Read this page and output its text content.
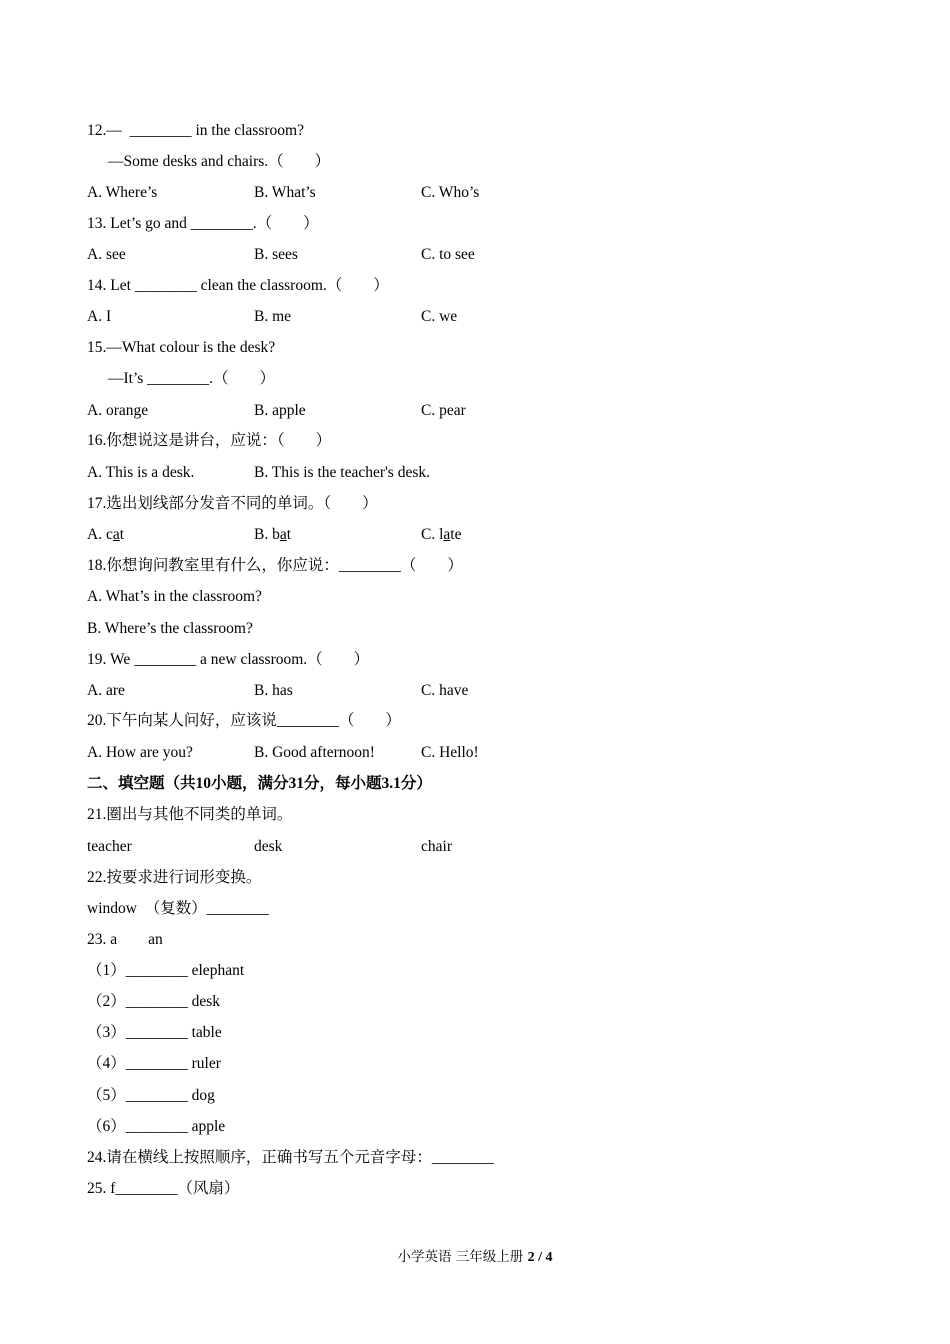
12.—  ________ in the classroom?
—Some desks and chairs.（　　）
A. Where’s	B. What’s	C. Who’s
13. Let’s go and ________.（　　）
A. see	B. sees	C. to see
14. Let ________ clean the classroom.（　　）
A. I	B. me	C. we
15.—What colour is the desk?
—It’s ________.（　　）
A. orange	B. apple	C. pear
16.你想说这是讲台，应说：（　　）
A. This is a desk.	B. This is the teacher's desk.
17.选出划线部分发音不同的单词。（　　）
A. cat	B. bat	C. late
18.你想询问教室里有什么，你应说：________（　　）
A. What’s in the classroom?
B. Where’s the classroom?
19. We ________ a new classroom.（　　）
A. are	B. has	C. have
20.下午向某人问好，应该说________（　　）
A. How are you?	B. Good afternoon!	C. Hello!
二、填空题（共10小题，满分31分，每小题3.1分）
21.圈出与其他不同类的单词。
teacher	desk	chair
22.按要求进行词形变换。
window  （复数）________
23. a        an
（1）________ elephant
（2）________ desk
（3）________ table
（4）________ ruler
（5）________ dog
（6）________ apple
24.请在横线上按照顺序，正确书写五个元音字母：________
25. f________（风扇）
小学英语 三年级上册 2 / 4
